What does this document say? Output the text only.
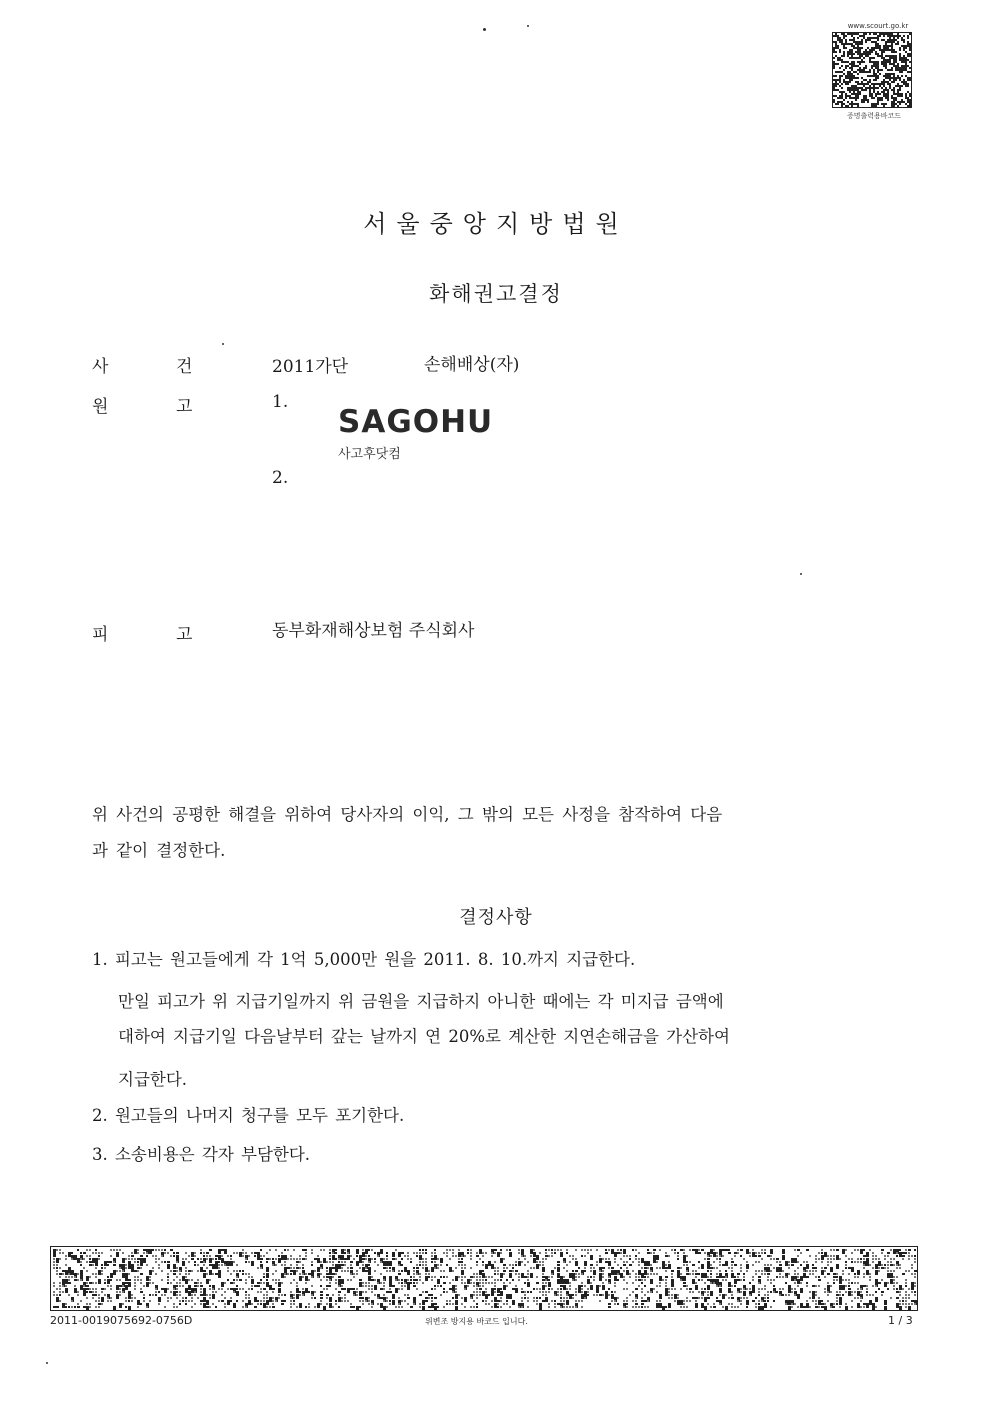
www.scourt.go.kr
증명출력용바코드
서울중앙지방법원
화해권고결정
사	건	2011가단	손해배상(자)
원	고	1.
SAGOHU
사고후닷컴
2.
피	고	동부화재해상보험 주식회사
위 사건의 공평한 해결을 위하여 당사자의 이익, 그 밖의 모든 사정을 참작하여 다음
과 같이 결정한다.
결정사항
1. 피고는 원고들에게 각 1억 5,000만 원을 2011. 8. 10.까지 지급한다.
만일 피고가 위 지급기일까지 위 금원을 지급하지 아니한 때에는 각 미지급 금액에
대하여 지급기일 다음날부터 갚는 날까지 연 20%로 계산한 지연손해금을 가산하여
지급한다.
2. 원고들의 나머지 청구를 모두 포기한다.
3. 소송비용은 각자 부담한다.
2011-0019075692-0756D	위변조 방지용 바코드 입니다.	1 / 3
